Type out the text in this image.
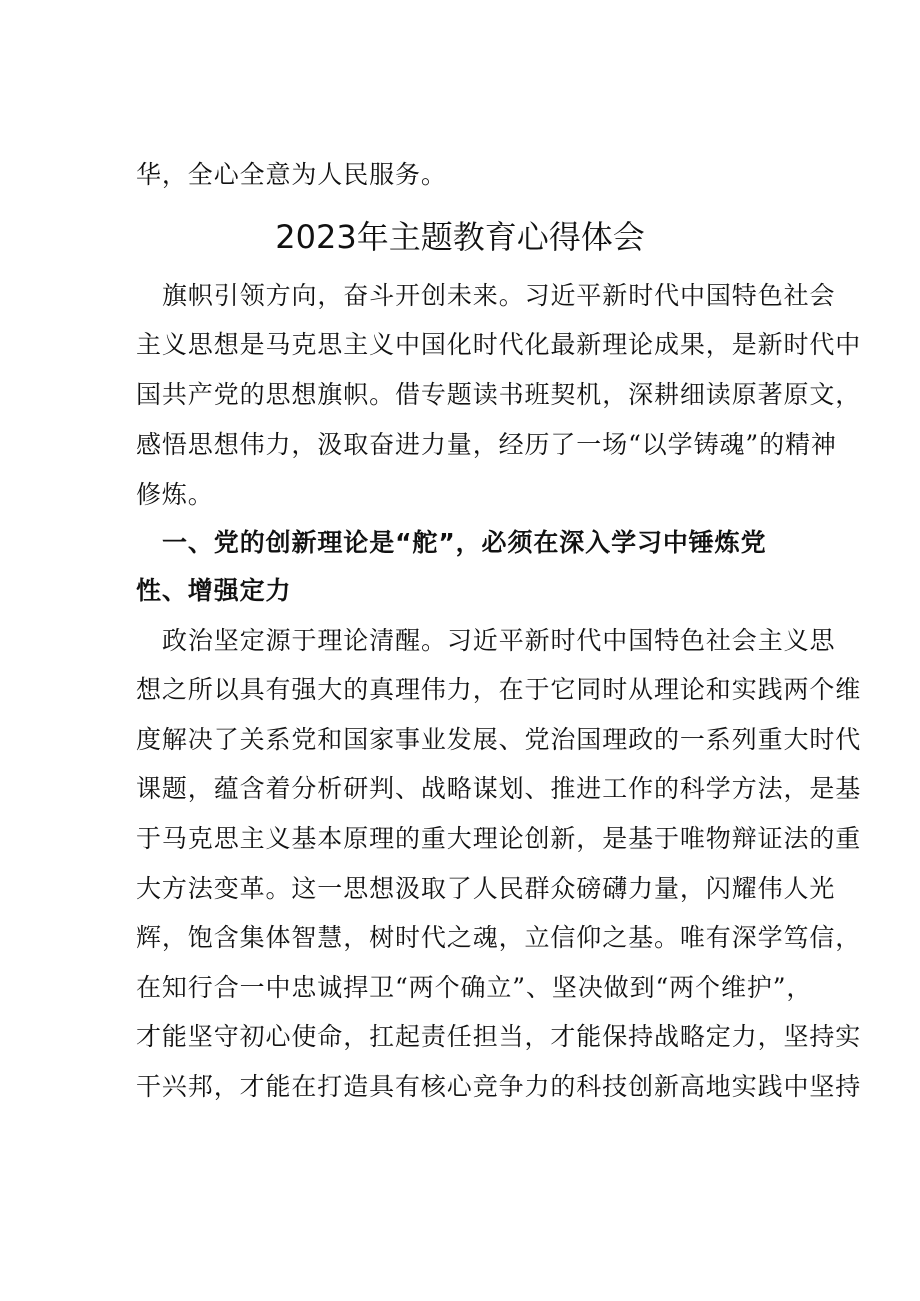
华，全心全意为人民服务。
2023年主题教育心得体会
旗帜引领方向，奋斗开创未来。习近平新时代中国特色社会
主义思想是马克思主义中国化时代化最新理论成果，是新时代中
国共产党的思想旗帜。借专题读书班契机，深耕细读原著原文，
感悟思想伟力，汲取奋进力量，经历了一场“以学铸魂”的精神
修炼。
一、党的创新理论是“舵”，必须在深入学习中锤炼党
性、增强定力
政治坚定源于理论清醒。习近平新时代中国特色社会主义思
想之所以具有强大的真理伟力，在于它同时从理论和实践两个维
度解决了关系党和国家事业发展、党治国理政的一系列重大时代
课题，蕴含着分析研判、战略谋划、推进工作的科学方法，是基
于马克思主义基本原理的重大理论创新，是基于唯物辩证法的重
大方法变革。这一思想汲取了人民群众磅礴力量，闪耀伟人光
辉，饱含集体智慧，树时代之魂，立信仰之基。唯有深学笃信，
在知行合一中忠诚捍卫“两个确立”、坚决做到“两个维护”，
才能坚守初心使命，扛起责任担当，才能保持战略定力，坚持实
干兴邦，才能在打造具有核心竞争力的科技创新高地实践中坚持
